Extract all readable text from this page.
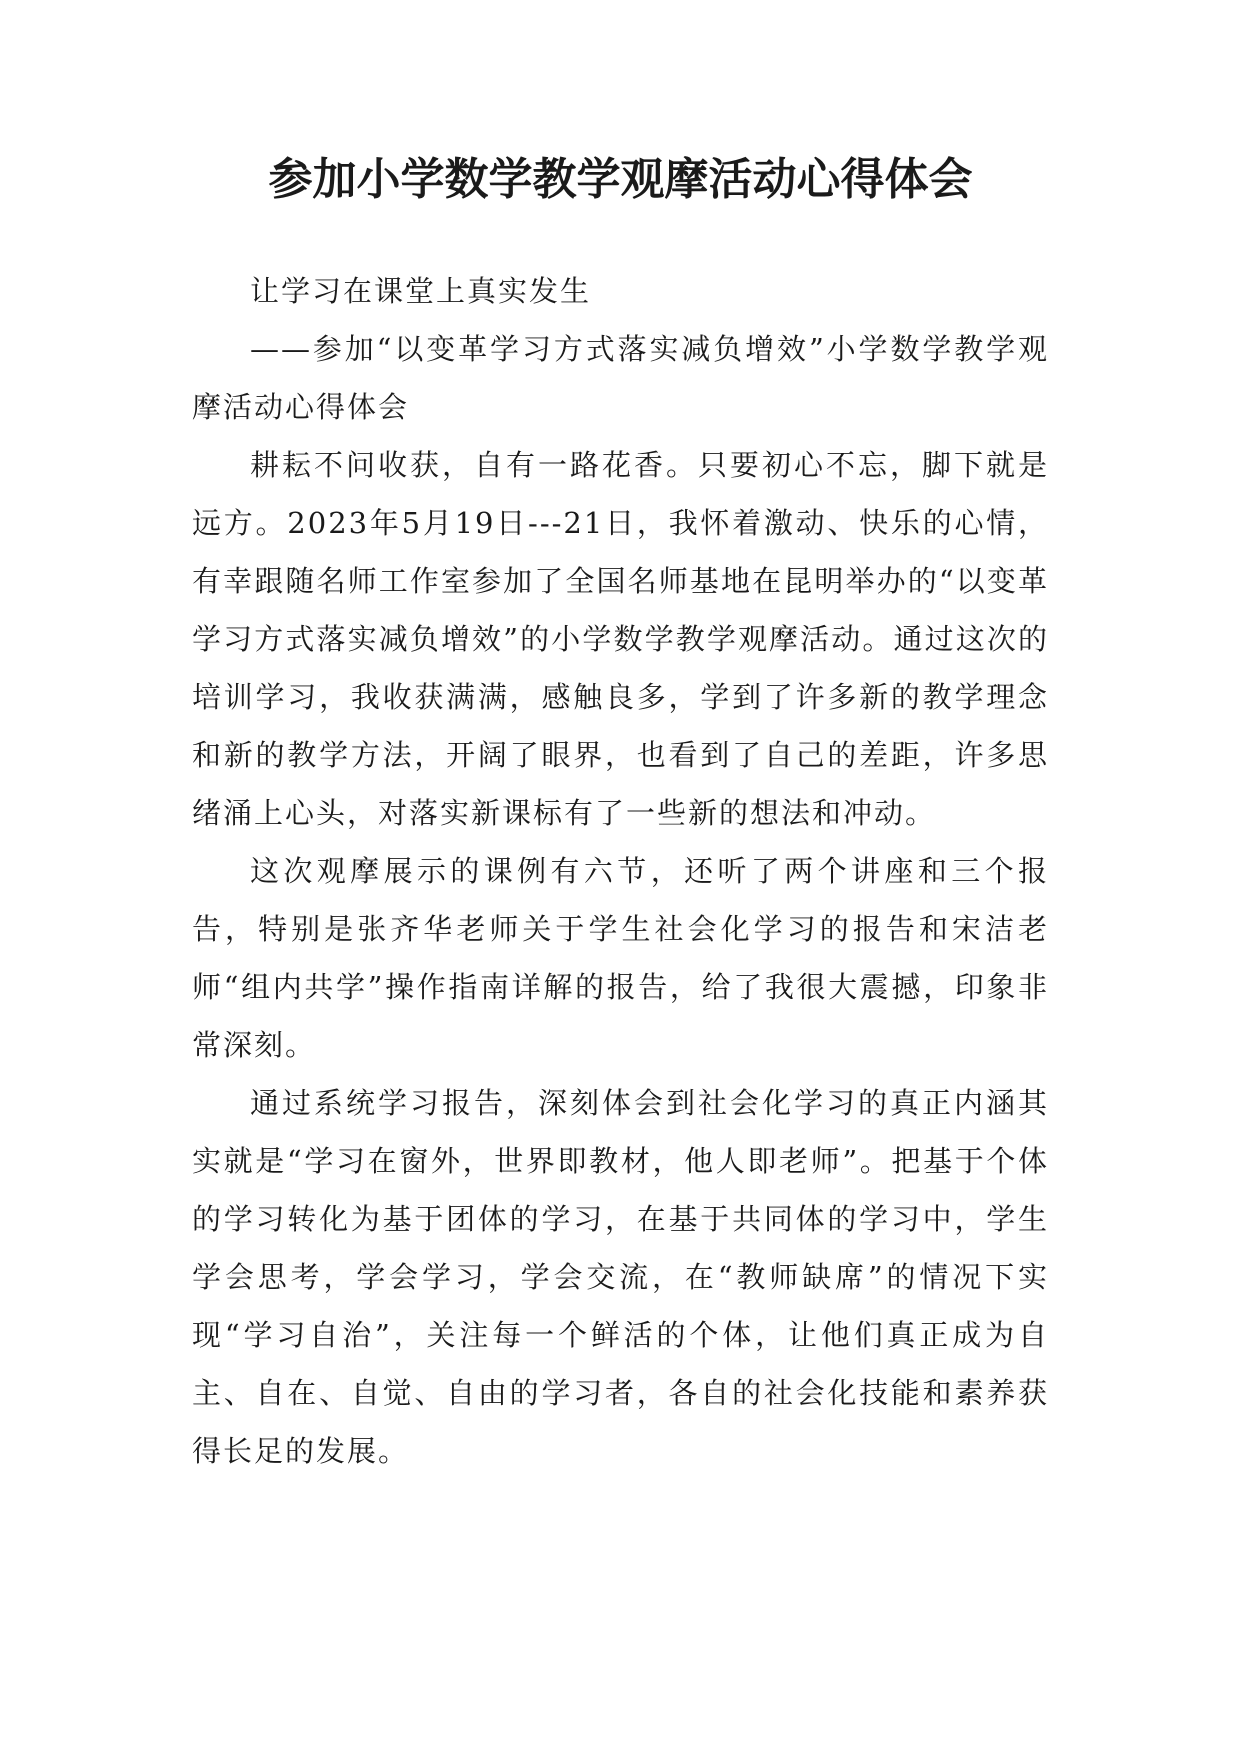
参加小学数学教学观摩活动心得体会

让学习在课堂上真实发生

——参加“以变革学习方式落实减负增效”小学数学教学观摩活动心得体会

耕耘不问收获，自有一路花香。只要初心不忘，脚下就是远方。2023年5月19日---21日，我怀着激动、快乐的心情，有幸跟随名师工作室参加了全国名师基地在昆明举办的“以变革学习方式落实减负增效”的小学数学教学观摩活动。通过这次的培训学习，我收获满满，感触良多，学到了许多新的教学理念和新的教学方法，开阔了眼界，也看到了自己的差距，许多思绪涌上心头，对落实新课标有了一些新的想法和冲动。

这次观摩展示的课例有六节，还听了两个讲座和三个报告，特别是张齐华老师关于学生社会化学习的报告和宋洁老师“组内共学”操作指南详解的报告，给了我很大震撼，印象非常深刻。

通过系统学习报告，深刻体会到社会化学习的真正内涵其实就是“学习在窗外，世界即教材，他人即老师”。把基于个体的学习转化为基于团体的学习，在基于共同体的学习中，学生学会思考，学会学习，学会交流，在“教师缺席”的情况下实现“学习自治”，关注每一个鲜活的个体，让他们真正成为自主、自在、自觉、自由的学习者，各自的社会化技能和素养获得长足的发展。
